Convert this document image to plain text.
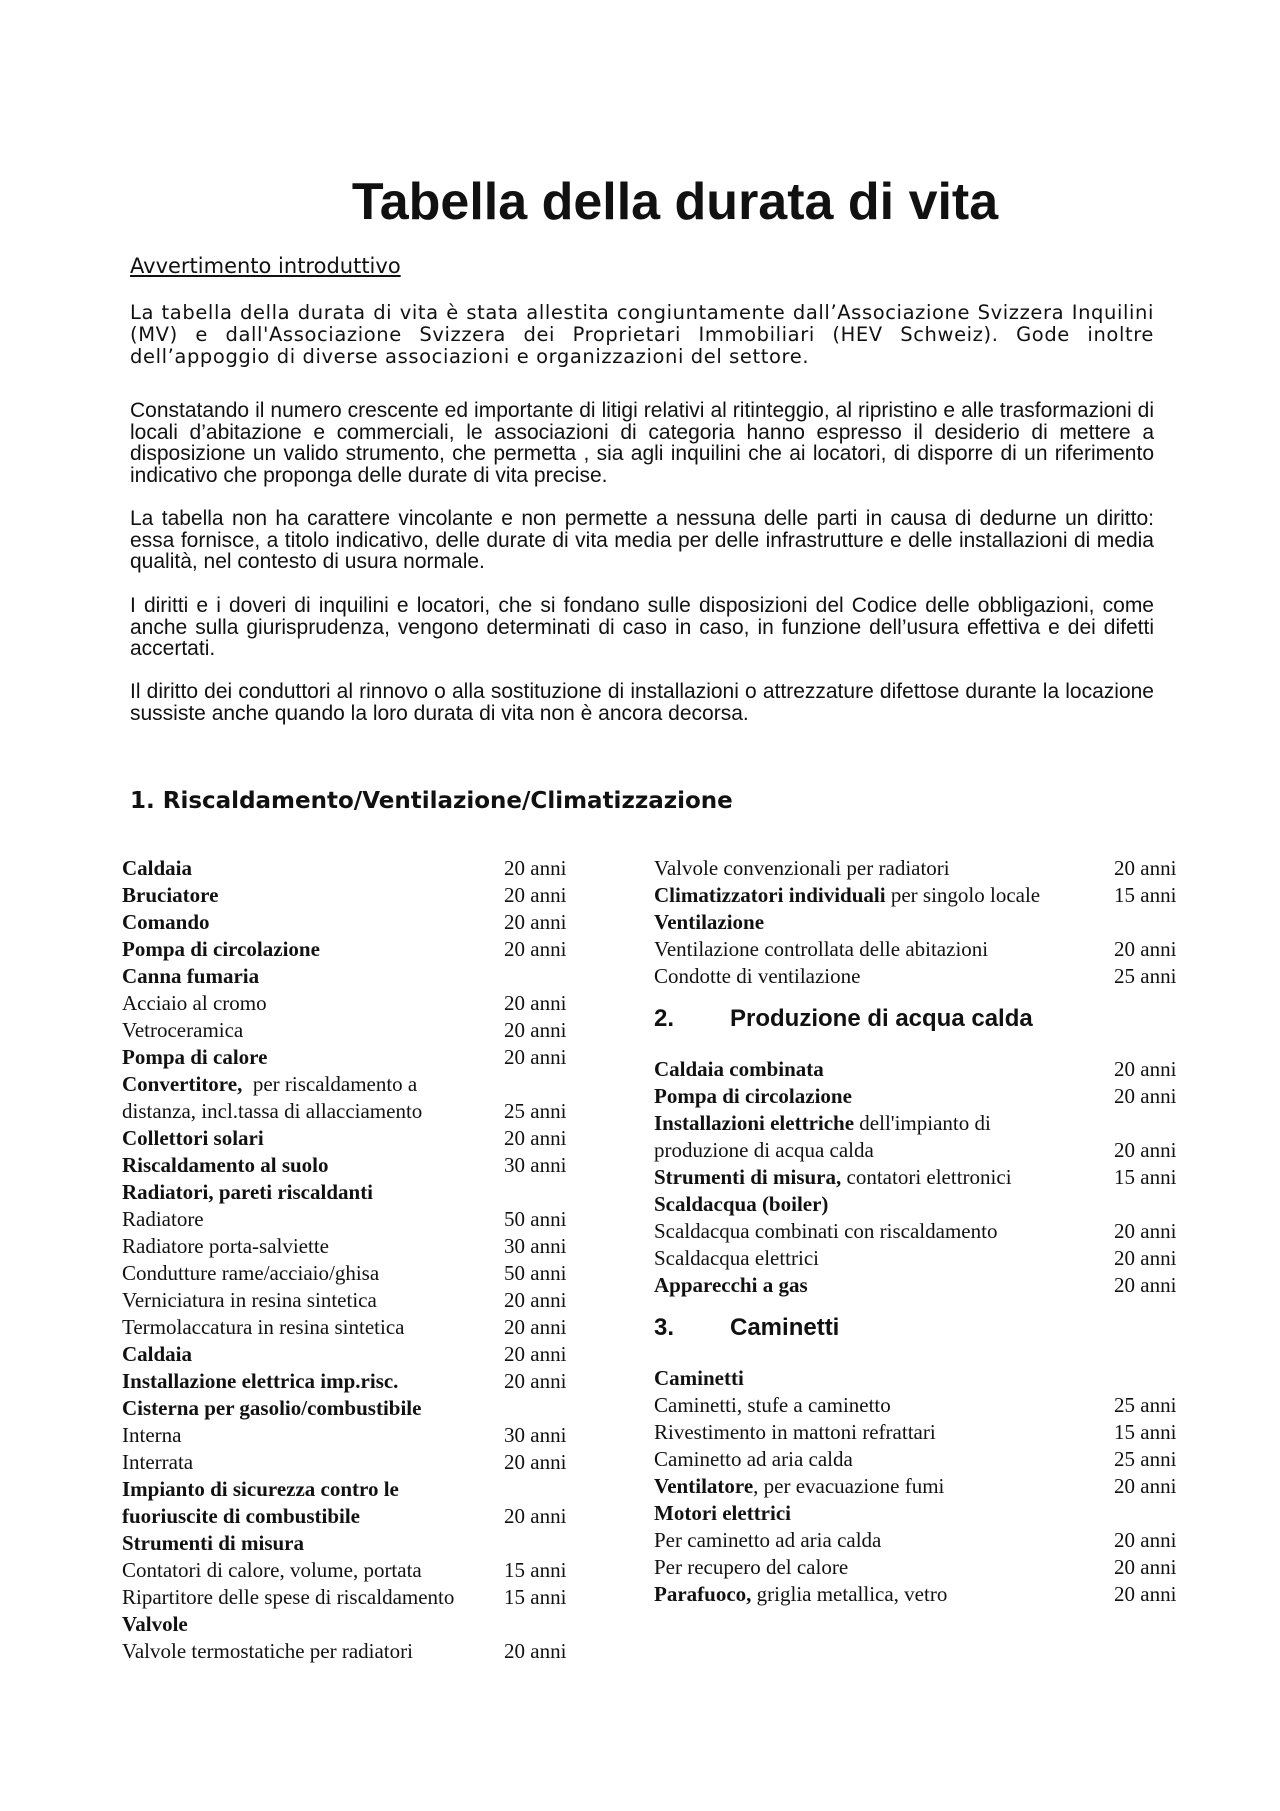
Tabella della durata di vita
Avvertimento introduttivo

La tabella della durata di vita è stata allestita congiuntamente dall’Associazione Svizzera Inquilini (MV) e dall'Associazione Svizzera dei Proprietari Immobiliari (HEV Schweiz). Gode inoltre dell’appoggio di diverse associazioni e organizzazioni del settore.

Constatando il numero crescente ed importante di litigi relativi al ritinteggio, al ripristino e alle trasformazioni di locali d’abitazione e commerciali, le associazioni di categoria hanno espresso il desiderio di mettere a disposizione un valido strumento, che permetta , sia agli inquilini che ai locatori, di disporre di un riferimento indicativo che proponga delle durate di vita precise.

La tabella non ha carattere vincolante e non permette a nessuna delle parti in causa di dedurne un diritto: essa fornisce, a titolo indicativo, delle durate di vita media per delle infrastrutture e delle installazioni di media qualità, nel contesto di usura normale.

I diritti e i doveri di inquilini e locatori, che si fondano sulle disposizioni del Codice delle obbligazioni, come anche sulla giurisprudenza, vengono determinati di caso in caso, in funzione dell’usura effettiva e dei difetti accertati.

Il diritto dei conduttori al rinnovo o alla sostituzione di installazioni o attrezzature difettose durante la locazione sussiste anche quando la loro durata di vita non è ancora decorsa.

1. Riscaldamento/Ventilazione/Climatizzazione
Caldaia	20 anni
Bruciatore	20 anni
Comando	20 anni
Pompa di circolazione	20 anni
Canna fumaria
Acciaio al cromo	20 anni
Vetroceramica	20 anni
Pompa di calore	20 anni
Convertitore,  per riscaldamento a
distanza, incl.tassa di allacciamento	25 anni
Collettori solari	20 anni
Riscaldamento al suolo	30 anni
Radiatori, pareti riscaldanti
Radiatore	50 anni
Radiatore porta-salviette	30 anni
Condutture rame/acciaio/ghisa	50 anni
Verniciatura in resina sintetica	20 anni
Termolaccatura in resina sintetica	20 anni
Caldaia	20 anni
Installazione elettrica imp.risc.	20 anni
Cisterna per gasolio/combustibile
Interna	30 anni
Interrata	20 anni
Impianto di sicurezza contro le
fuoriuscite di combustibile	20 anni
Strumenti di misura
Contatori di calore, volume, portata	15 anni
Ripartitore delle spese di riscaldamento	15 anni
Valvole
Valvole termostatiche per radiatori	20 anni
Valvole convenzionali per radiatori	20 anni
Climatizzatori individuali per singolo locale	15 anni
Ventilazione
Ventilazione controllata delle abitazioni	20 anni
Condotte di ventilazione	25 anni
2.	Produzione di acqua calda
Caldaia combinata	20 anni
Pompa di circolazione	20 anni
Installazioni elettriche dell'impianto di
produzione di acqua calda	20 anni
Strumenti di misura, contatori elettronici	15 anni
Scaldacqua (boiler)
Scaldacqua combinati con riscaldamento	20 anni
Scaldacqua elettrici	20 anni
Apparecchi a gas	20 anni
3.	Caminetti
Caminetti
Caminetti, stufe a caminetto	25 anni
Rivestimento in mattoni refrattari	15 anni
Caminetto ad aria calda	25 anni
Ventilatore, per evacuazione fumi	20 anni
Motori elettrici
Per caminetto ad aria calda	20 anni
Per recupero del calore	20 anni
Parafuoco, griglia metallica, vetro	20 anni
